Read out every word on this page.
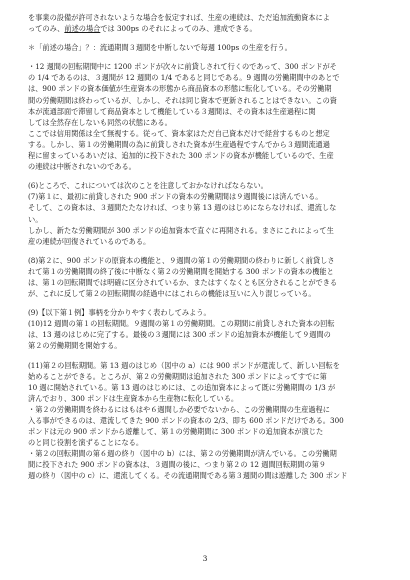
を事業の設備が許可されないような場合を仮定すれば、生産の連続は、ただ追加流動資本によ
ってのみ、前述の場合では 300ps のそれによってのみ、達成できる。
＊「前述の場合」？：流通期間３週間を中断しないで毎週 100ps の生産を行う。
・12 週間の回転期間中に 1200 ポンドが次々に前貸しされて行くのであって、300 ポンドがそ
の 1/4 であるのは、３週間が 12 週間の 1/4 であると同じである。9 週間の労働期間中のあとで
は、900 ポンドの資本価値が生産資本の形態から商品資本の形態に転化している。その労働期
間の労働期間は終わっているが、しかし、それは同じ資本で更新されることはできない。この資
本が流通部面で滞留して商品資本として機能している３週間は、その資本は生産過程に関
しては全然存在しないも同然の状態にある。
ここでは信用関係は全て無視する。従って、資本家はただ自己資本だけで経営するものと想定
する。しかし、第１の労働期間の為に前貸しされた資本が生産過程ですんでから３週間流通過
程に留まっているあいだは、追加的に投下された 300 ポンドの資本が機能しているので、生産
の連続は中断されないのである。
(6)ところで、これについては次のことを注意しておかなければならない。
(7)第１に、最初に前貸しされた 900 ポンドの資本の労働期間は９週間後には済んでいる。
そして、この資本は、３週間たたなければ、つまり第 13 週のはじめにならなければ、還流しな
い。
しかし、新たな労働期間が 300 ポンドの追加資本で直ぐに再開される。まさにこれによって生
産の連続が回復されているのである。
(8)第２に、900 ポンドの原資本の機能と、９週間の第１の労働期間の終わりに新しく前貸しさ
れて第１の労働期間の終了後に中断なく第２の労働期間を開始する 300 ポンドの資本の機能と
は、第１の回転期間では明確に区分されているか、またはすくなくとも区分されることができる
が、これに反して第２の回転期間の経過中にはこれらの機能は互いに入り混じっている。
(9)【以下第１例】事柄を分かりやすく表わしてみよう。
(10)12 週間の第１の回転期間。９週間の第１の労働期間。この期間に前貸しされた資本の回転
は、13 週のはじめに完了する。最後の３週間には 300 ポンドの追加資本が機能して９週間の
第２の労働期間を開始する。
(11)第２の回転期間。第 13 週のはじめ（図中の a）には 900 ポンドが還流して、新しい回転を
始めることができる。ところが、第２の労働期間は追加された 300 ポンドによってすでに第
10 週に開始されている。第 13 週のはじめには、この追加資本によって既に労働期間の 1/3 が
済んでおり、300 ポンドは生産資本から生産物に転化している。
・第２の労働期間を終わるにはもはや６週間しか必要でないから、この労働期間の生産過程に
入る事ができるのは、還流してきた 900 ポンドの資本の 2/3、即ち 600 ポンドだけである。300
ポンドは元の 900 ポンドから遊離して、第１の労働期間に 300 ポンドの追加資本が演じた
のと同じ役割を演ずることになる。
・第２の回転期間の第６週の終り（図中の b）には、第２の労働期間が済んでいる。この労働期
間に投下された 900 ポンドの資本は、３週間の後に、つまり第２の 12 週間回転期間の第９
週の終り（図中の c）に、還流してくる。その流通期間である第３週間の間は遊離した 300 ポンド
3
